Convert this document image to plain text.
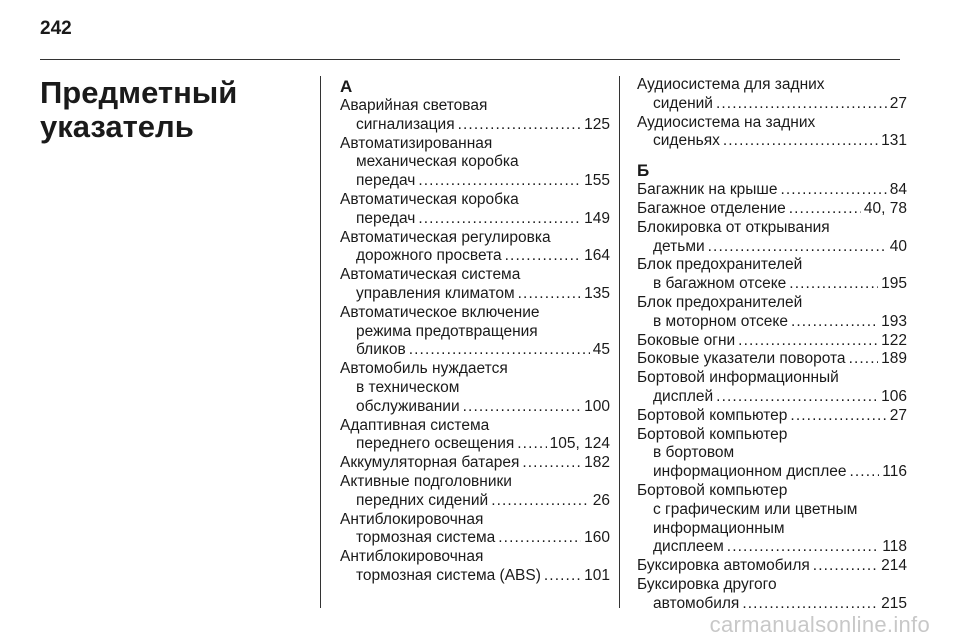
242
Предметный
указатель
А
Аварийная световая
сигнализация . . .	125
Автоматизированная
механическая коробка
передач . . .	155
Автоматическая коробка
передач . . .	149
Автоматическая регулировка
дорожного просвета . . .	164
Автоматическая система
управления климатом . . .	135
Автоматическое включение
режима предотвращения
бликов . . .	45
Автомобиль нуждается
в техническом
обслуживании . . .	100
Адаптивная система
переднего освещения . . . 105, 124
Аккумуляторная батарея . . .	182
Активные подголовники
передних сидений . . .	26
Антиблокировочная
тормозная система . . .	160
Антиблокировочная
тормозная система (ABS) . . .	101
Аудиосистема для задних
сидений . . .	27
Аудиосистема на задних
сиденьях . . .	131
Б
Багажник на крыше . . .	84
Багажное отделение . . .	40, 78
Блокировка от открывания
детьми . . .	40
Блок предохранителей
в багажном отсеке . . .	195
Блок предохранителей
в моторном отсеке . . .	193
Боковые огни . . .	122
Боковые указатели поворота . . . 189
Бортовой информационный
дисплей . . .	106
Бортовой компьютер . . .	27
Бортовой компьютер
в бортовом
информационном дисплее . . . 116
Бортовой компьютер
с графическим или цветным
информационным
дисплеем . . .	118
Буксировка автомобиля . . .	214
Буксировка другого
автомобиля . . .	215
carmanuals​online.info
